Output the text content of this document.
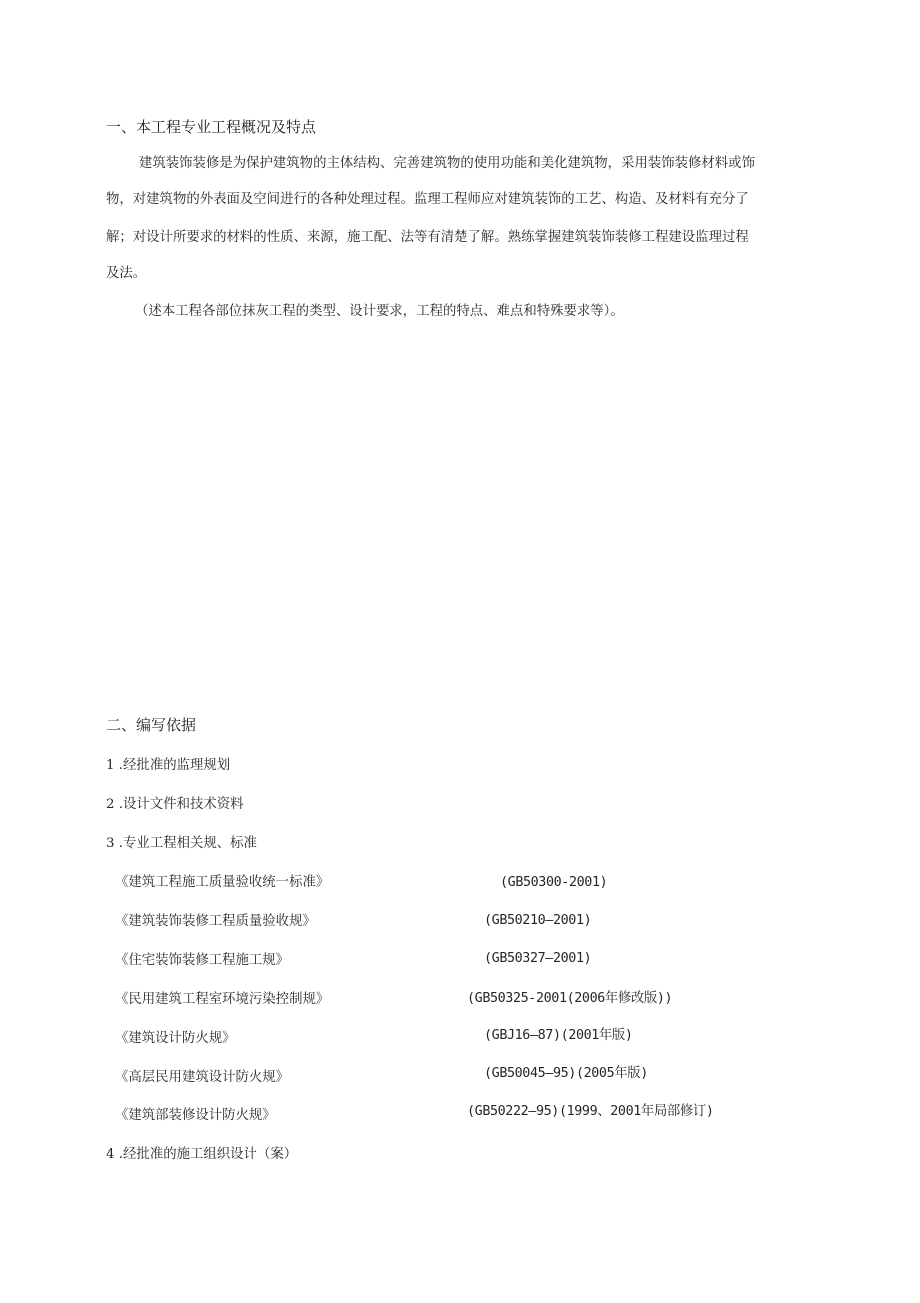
一、本工程专业工程概况及特点
建筑装饰装修是为保护建筑物的主体结构、完善建筑物的使用功能和美化建筑物，采用装饰装修材料或饰
物，对建筑物的外表面及空间进行的各种处理过程。监理工程师应对建筑装饰的工艺、构造、及材料有充分了
解；对设计所要求的材料的性质、来源，施工配、法等有清楚了解。熟练掌握建筑装饰装修工程建设监理过程
及法。
（述本工程各部位抹灰工程的类型、设计要求，工程的特点、难点和特殊要求等）。
二、编写依据
1 .经批准的监理规划
2 .设计文件和技术资料
3 .专业工程相关规、标准
《建筑工程施工质量验收统一标准》	(GB50300-2001)
《建筑装饰装修工程质量验收规》	(GB50210—2001)
《住宅装饰装修工程施工规》	(GB50327—2001)
《民用建筑工程室环境污染控制规》	(GB50325-2001(2006年修改版))
《建筑设计防火规》	(GBJ16—87)(2001年版)
《高层民用建筑设计防火规》	(GB50045—95)(2005年版)
《建筑部装修设计防火规》	(GB50222—95)(1999、2001年局部修订)
4 .经批准的施工组织设计（案）
